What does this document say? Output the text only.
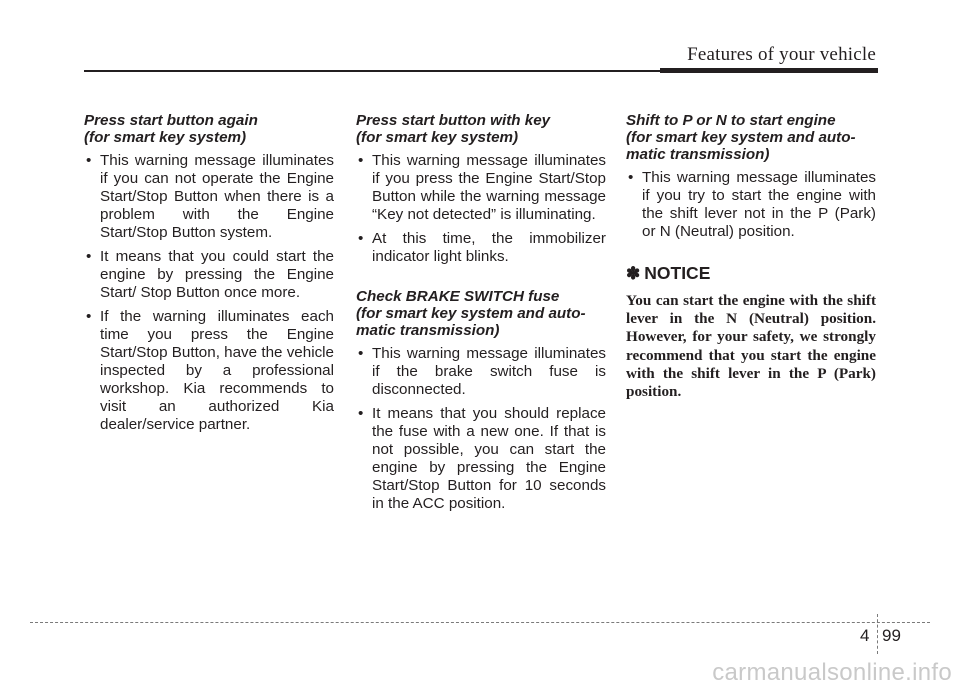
Features of your vehicle
Press start button again
(for smart key system)
• This warning message illuminates if you can not operate the Engine Start/Stop Button when there is a problem with the Engine Start/Stop Button system.
• It means that you could start the engine by pressing the Engine Start/ Stop Button once more.
• If the warning illuminates each time you press the Engine Start/Stop Button, have the vehicle inspected by a professional workshop. Kia recommends to visit an authorized Kia dealer/service partner.
Press start button with key
(for smart key system)
• This warning message illuminates if you press the Engine Start/Stop Button while the warning message “Key not detected” is illuminating.
• At this time, the immobilizer indicator light blinks.
Check BRAKE SWITCH fuse
(for smart key system and auto-
matic transmission)
• This warning message illuminates if the brake switch fuse is disconnected.
• It means that you should replace the fuse with a new one. If that is not possible, you can start the engine by pressing the Engine Start/Stop Button for 10 seconds in the ACC position.
Shift to P or N to start engine
(for smart key system and auto-
matic transmission)
• This warning message illuminates if you try to start the engine with the shift lever not in the P (Park) or N (Neutral) position.
✽ NOTICE

You can start the engine with the shift lever in the N (Neutral) position. However, for your safety, we strongly recommend that you start the engine with the shift lever in the P (Park) position.

4 99
carmanualsonline.info
